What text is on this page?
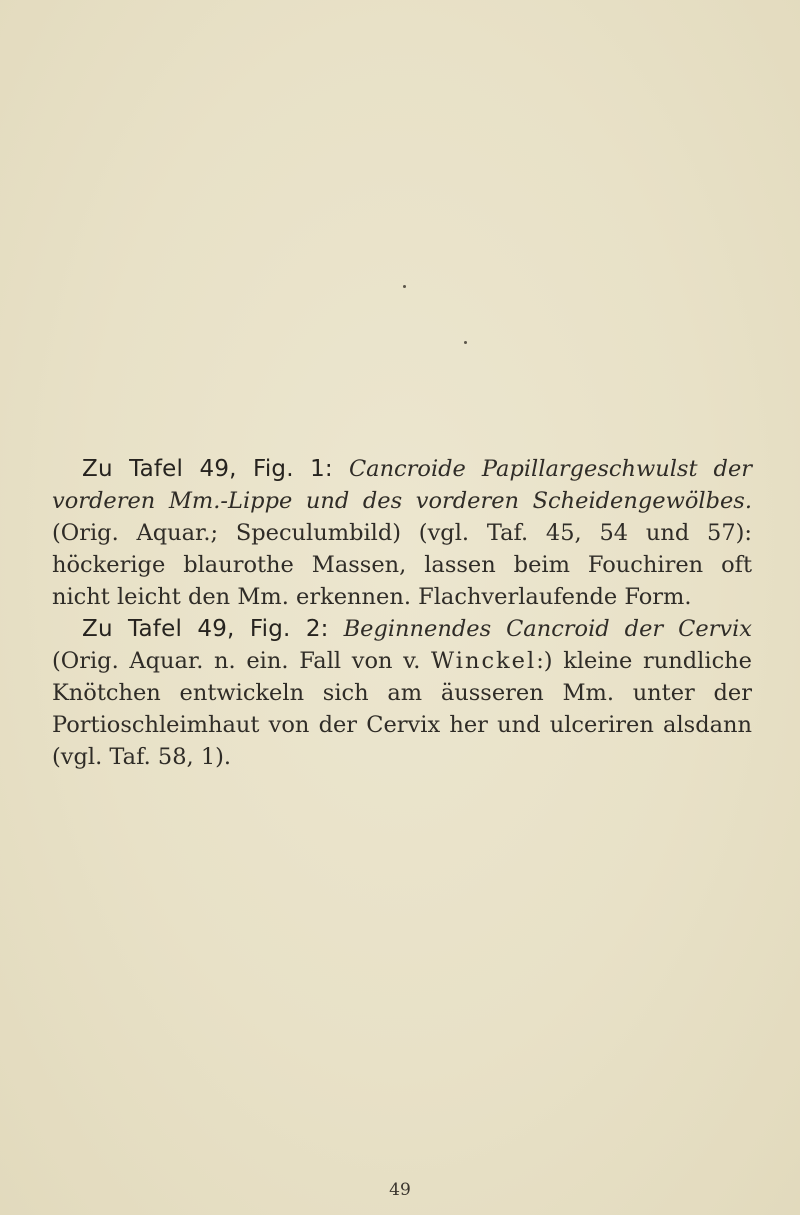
Zu Tafel 49, Fig. 1: Cancroide Papillargeschwulst der vorderen Mm.-Lippe und des vorderen Scheidengewölbes. (Orig. Aquar.; Speculumbild) (vgl. Taf. 45, 54 und 57): höckerige blaurothe Massen, lassen beim Fouchiren oft nicht leicht den Mm. erkennen. Flachverlaufende Form.

Zu Tafel 49, Fig. 2: Beginnendes Cancroid der Cervix (Orig. Aquar. n. ein. Fall von v. Winckel:) kleine rundliche Knötchen entwickeln sich am äusseren Mm. unter der Portioschleimhaut von der Cervix her und ulceriren alsdann (vgl. Taf. 58, 1).

49
